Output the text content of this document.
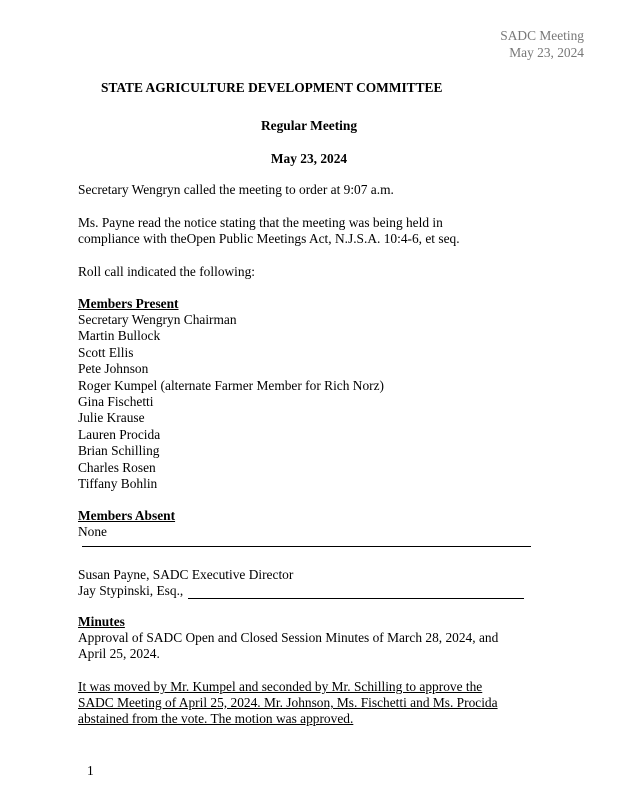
SADC Meeting
May 23, 2024
STATE AGRICULTURE DEVELOPMENT COMMITTEE
Regular Meeting
May 23, 2024
Secretary Wengryn called the meeting to order at 9:07 a.m.
Ms. Payne read the notice stating that the meeting was being held in
compliance with theOpen Public Meetings Act, N.J.S.A. 10:4-6, et seq.
Roll call indicated the following:
Members Present
Secretary Wengryn Chairman
Martin Bullock
Scott Ellis
Pete Johnson
Roger Kumpel (alternate Farmer Member for Rich Norz)
Gina Fischetti
Julie Krause
Lauren Procida
Brian Schilling
Charles Rosen
Tiffany Bohlin
Members Absent
None
Susan Payne, SADC Executive Director
Jay Stypinski, Esq.,
Minutes
Approval of SADC Open and Closed Session Minutes of March 28, 2024, and
April 25, 2024.
It was moved by Mr. Kumpel and seconded by Mr. Schilling to approve the
SADC Meeting of April 25, 2024. Mr. Johnson, Ms. Fischetti and Ms. Procida
abstained from the vote. The motion was approved.
1
